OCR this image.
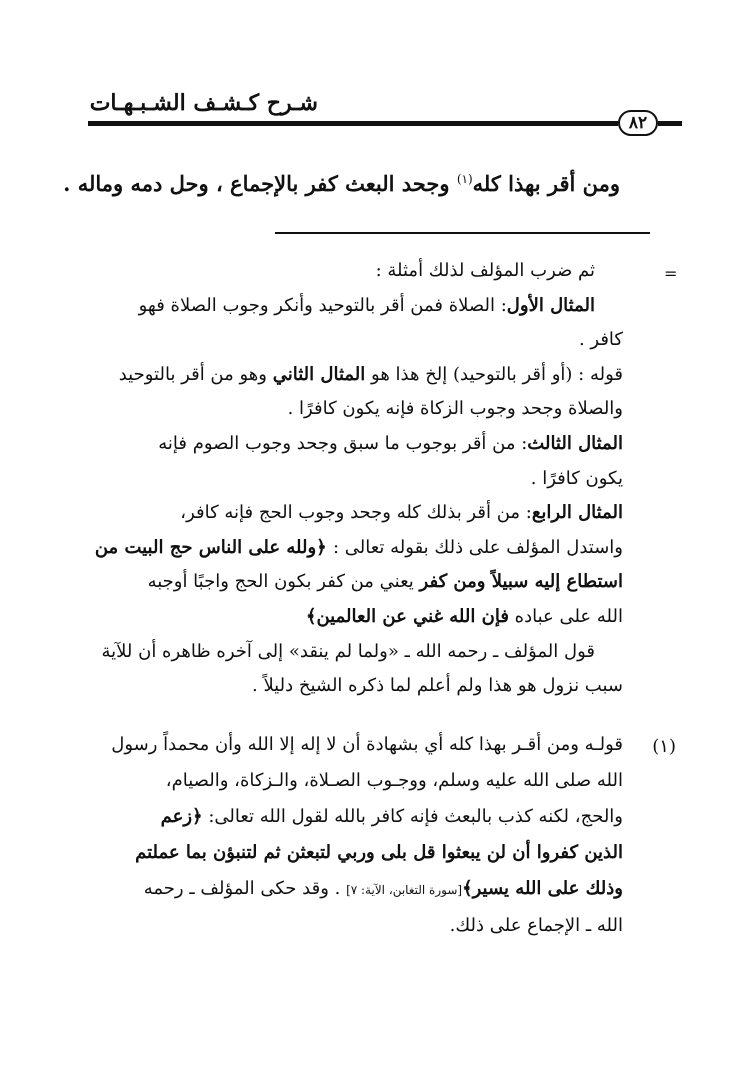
شـرح كـشـف الشـبـهـات
٨٢
ومن أقر بهذا كله$^{(١)}$ وجحد البعث كفر بالإجماع ، وحل دمه وماله .
=

ثم ضرب المؤلف لذلك أمثلة :

المثال الأول: الصلاة فمن أقر بالتوحيد وأنكر وجوب الصلاة فهو

كافر .

قوله : (أو أقر بالتوحيد) إلخ هذا هو المثال الثاني وهو من أقر بالتوحيد

والصلاة وجحد وجوب الزكاة فإنه يكون كافرًا .

المثال الثالث: من أقر بوجوب ما سبق وجحد وجوب الصوم فإنه

يكون كافرًا .

المثال الرابع: من أقر بذلك كله وجحد وجوب الحج فإنه كافر،

واستدل المؤلف على ذلك بقوله تعالى : ﴿ولله على الناس حج البيت من

استطاع إليه سبيلاً ومن كفر يعني من كفر بكون الحج واجبًا أوجبه

الله على عباده فإن الله غني عن العالمين﴾

قول المؤلف ـ رحمه الله ـ «ولما لم ينقد» إلى آخره ظاهره أن للآية

سبب نزول هو هذا ولم أعلم لما ذكره الشيخ دليلاً .

(١)

قولـه ومن أقـر بهذا كله أي بشهادة أن لا إله إلا الله وأن محمداً رسول

الله صلى الله عليه وسلم، ووجـوب الصـلاة، والـزكاة، والصيام،

والحج، لكنه كذب بالبعث فإنه كافر بالله لقول الله تعالى: ﴿زعم

الذين كفروا أن لن يبعثوا قل بلى وربي لتبعثن ثم لتنبؤن بما عملتم

وذلك على الله يسير﴾[سورة التغابن، الآية: ٧] . وقد حكى المؤلف ـ رحمه

الله ـ الإجماع على ذلك.
